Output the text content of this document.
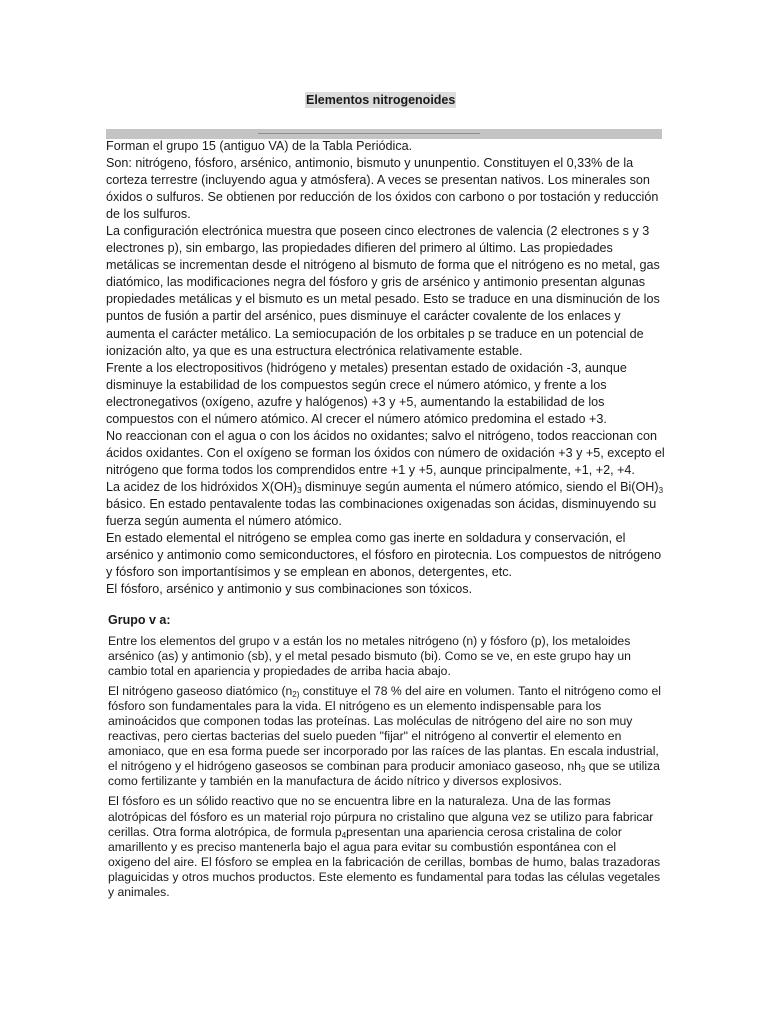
Elementos nitrogenoides

Forman el grupo 15 (antiguo VA) de la Tabla Periódica.

Son: nitrógeno, fósforo, arsénico, antimonio, bismuto y ununpentio. Constituyen el 0,33% de la corteza terrestre (incluyendo agua y atmósfera). A veces se presentan nativos. Los minerales son óxidos o sulfuros. Se obtienen por reducción de los óxidos con carbono o por tostación y reducción de los sulfuros.

La configuración electrónica muestra que poseen cinco electrones de valencia (2 electrones s y 3 electrones p), sin embargo, las propiedades difieren del primero al último. Las propiedades metálicas se incrementan desde el nitrógeno al bismuto de forma que el nitrógeno es no metal, gas diatómico, las modificaciones negra del fósforo y gris de arsénico y antimonio presentan algunas propiedades metálicas y el bismuto es un metal pesado. Esto se traduce en una disminución de los puntos de fusión a partir del arsénico, pues disminuye el carácter covalente de los enlaces y aumenta el carácter metálico. La semiocupación de los orbitales p se traduce en un potencial de ionización alto, ya que es una estructura electrónica relativamente estable.

Frente a los electropositivos (hidrógeno y metales) presentan estado de oxidación -3, aunque disminuye la estabilidad de los compuestos según crece el número atómico, y frente a los electronegativos (oxígeno, azufre y halógenos) +3 y +5, aumentando la estabilidad de los compuestos con el número atómico. Al crecer el número atómico predomina el estado +3.

No reaccionan con el agua o con los ácidos no oxidantes; salvo el nitrógeno, todos reaccionan con ácidos oxidantes. Con el oxígeno se forman los óxidos con número de oxidación +3 y +5, excepto el nitrógeno que forma todos los comprendidos entre +1 y +5, aunque principalmente, +1, +2, +4.

La acidez de los hidróxidos $X(OH)_3$ disminuye según aumenta el número atómico, siendo el $Bi(OH)_3$ básico. En estado pentavalente todas las combinaciones oxigenadas son ácidas, disminuyendo su fuerza según aumenta el número atómico.

En estado elemental el nitrógeno se emplea como gas inerte en soldadura y conservación, el arsénico y antimonio como semiconductores, el fósforo en pirotecnia. Los compuestos de nitrógeno y fósforo son importantísimos y se emplean en abonos, detergentes, etc.

El fósforo, arsénico y antimonio y sus combinaciones son tóxicos.

Grupo v a:

Entre los elementos del grupo v a están los no metales nitrógeno (n) y fósforo (p), los metaloides arsénico (as) y antimonio (sb), y el metal pesado bismuto (bi). Como se ve, en este grupo hay un cambio total en apariencia y propiedades de arriba hacia abajo.

El nitrógeno gaseoso diatómico ($n_{2)}$ constituye el 78 % del aire en volumen. Tanto el nitrógeno como el fósforo son fundamentales para la vida. El nitrógeno es un elemento indispensable para los aminoácidos que componen todas las proteínas. Las moléculas de nitrógeno del aire no son muy reactivas, pero ciertas bacterias del suelo pueden "fijar" el nitrógeno al convertir el elemento en amoniaco, que en esa forma puede ser incorporado por las raíces de las plantas. En escala industrial, el nitrógeno y el hidrógeno gaseosos se combinan para producir amoniaco gaseoso, $nh_3$ que se utiliza como fertilizante y también en la manufactura de ácido nítrico y diversos explosivos.

El fósforo es un sólido reactivo que no se encuentra libre en la naturaleza. Una de las formas alotrópicas del fósforo es un material rojo púrpura no cristalino que alguna vez se utilizo para fabricar cerillas. Otra forma alotrópica, de formula $p_4presentan$ una apariencia cerosa cristalina de color amarillento y es preciso mantenerla bajo el agua para evitar su combustión espontánea con el oxigeno del aire. El fósforo se emplea en la fabricación de cerillas, bombas de humo, balas trazadoras plaguicidas y otros muchos productos. Este elemento es fundamental para todas las células vegetales y animales.
